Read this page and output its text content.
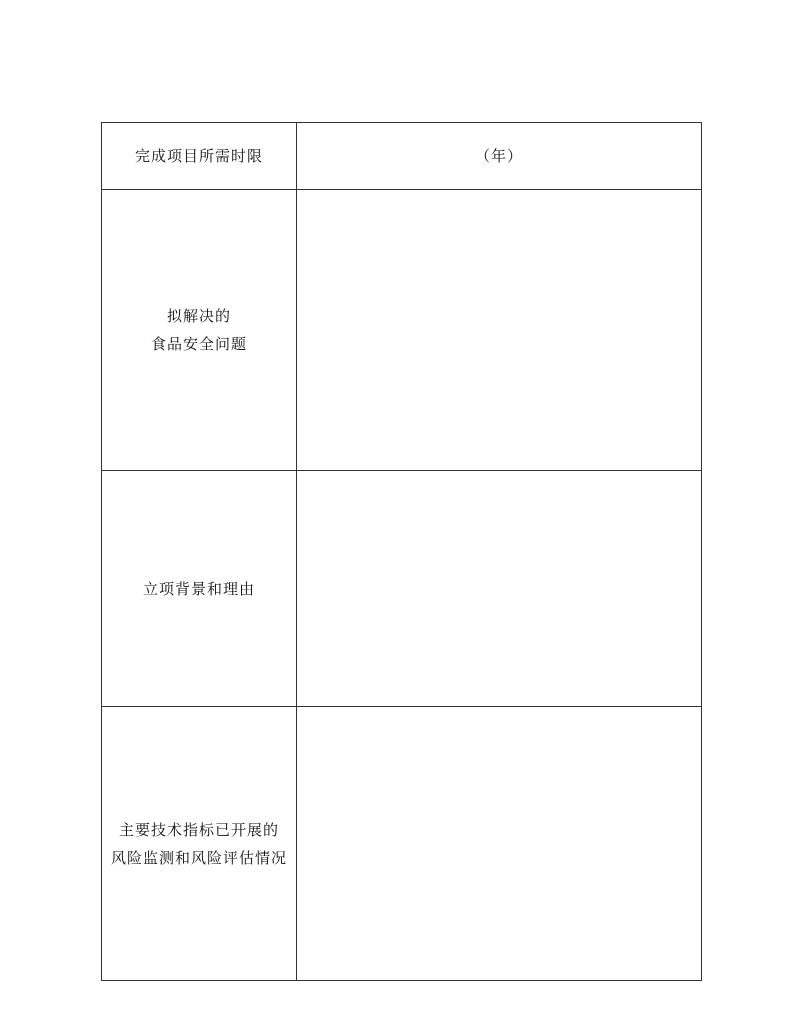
完成项目所需时限	（年）

拟解决的
食品安全问题	

立项背景和理由	

主要技术指标已开展的
风险监测和风险评估情况	
